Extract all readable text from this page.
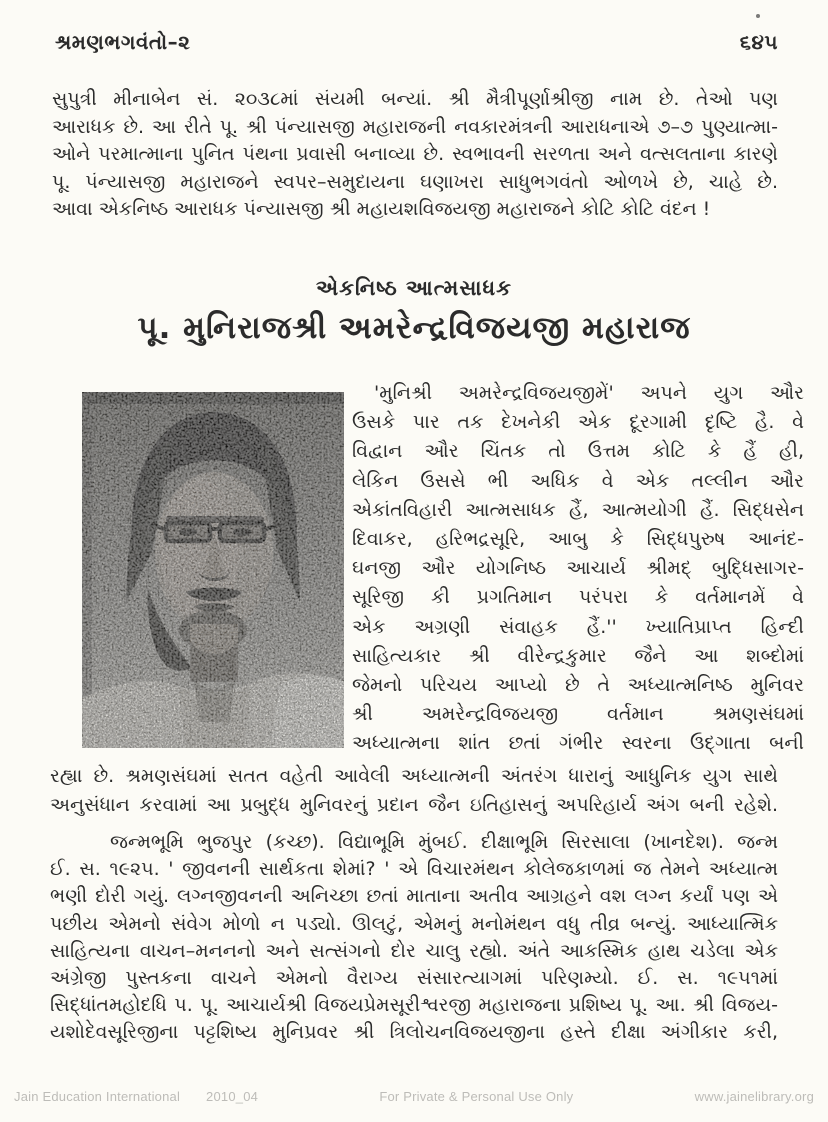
શ્રમણભગવંતો–૨	૬૪૫
સુપુત્રી મીનાબેન સં. ૨૦૩૮માં સંયમી બન્યાં. શ્રી મૈત્રીપૂર્ણાશ્રીજી નામ છે. તેઓ પણ
આરાધક છે. આ રીતે પૂ. શ્રી પંન્યાસજી મહારાજની નવકારમંત્રની આરાધનાએ ૭–૭ પુણ્યાત્મા-
ઓને પરમાત્માના પુનિત પંથના પ્રવાસી બનાવ્યા છે. સ્વભાવની સરળતા અને વત્સલતાના કારણે
પૂ. પંન્યાસજી મહારાજને સ્વપર–સમુદાયના ઘણાખરા સાધુભગવંતો ઓળખે છે, ચાહે છે.
આવા એકનિષ્ઠ આરાધક પંન્યાસજી શ્રી મહાયશવિજયજી મહારાજને કોટિ કોટિ વંદન !
એકનિષ્ઠ આત્મસાધક
પૂ. મુનિરાજશ્રી અમરેન્દ્રવિજયજી મહારાજ
'મુનિશ્રી અમરેન્દ્રવિજયજીમેં' અપને યુગ ઔર
ઉસકે પાર તક દેખનેકી એક દૂરગામી દૃષ્ટિ હૈ. વે
વિદ્વાન ઔર ચિંતક તો ઉત્તમ કોટિ કે હૈં હી,
લેકિન ઉસસે ભી અધિક વે એક તલ્લીન ઔર
એકાંતવિહારી આત્મસાધક હૈં, આત્મયોગી હૈં. સિદ્ધસેન
દિવાકર, હરિભદ્રસૂરિ, આબુ કે સિદ્ધપુરુષ આનંદ-
ઘનજી ઔર યોગનિષ્ઠ આચાર્ય શ્રીમદ્ બુદ્ધિસાગર-
સૂરિજી કી પ્રગતિમાન પરંપરા કે વર્તમાનમેં વે
એક અગ્રણી સંવાહક હૈં.'' ખ્યાતિપ્રાપ્ત હિન્દી
સાહિત્યકાર શ્રી વીરેન્દ્રકુમાર જૈને આ શબ્દોમાં
જેમનો પરિચય આપ્યો છે તે અધ્યાત્મનિષ્ઠ મુનિવર
શ્રી અમરેન્દ્રવિજયજી વર્તમાન શ્રમણસંઘમાં
અધ્યાત્મના શાંત છતાં ગંભીર સ્વરના ઉદ્ગાતા બની
રહ્યા છે. શ્રમણસંઘમાં સતત વહેતી આવેલી અધ્યાત્મની અંતરંગ ધારાનું આધુનિક યુગ સાથે
અનુસંધાન કરવામાં આ પ્રબુદ્ધ મુનિવરનું પ્રદાન જૈન ઇતિહાસનું અપરિહાર્ય અંગ બની રહેશે.
જન્મભૂમિ ભુજપુર (કચ્છ). વિદ્યાભૂમિ મુંબઈ. દીક્ષાભૂમિ સિરસાલા (ખાનદેશ). જન્મ
ઈ. સ. ૧૯૨૫. ' જીવનની સાર્થકતા શેમાં? ' એ વિચારમંથન કોલેજકાળમાં જ તેમને અધ્યાત્મ
ભણી દોરી ગયું. લગ્નજીવનની અનિચ્છા છતાં માતાના અતીવ આગ્રહને વશ લગ્ન કર્યાં પણ એ
પછીય એમનો સંવેગ મોળો ન પડ્યો. ઊલટું, એમનું મનોમંથન વધુ તીવ્ર બન્યું. આધ્યાત્મિક
સાહિત્યના વાચન–મનનનો અને સત્સંગનો દોર ચાલુ રહ્યો. અંતે આકસ્મિક હાથ ચડેલા એક
અંગ્રેજી પુસ્તકના વાચને એમનો વૈરાગ્ય સંસારત્યાગમાં પરિણમ્યો. ઈ. સ. ૧૯૫૧માં
સિદ્ધાંતમહોદધિ પ. પૂ. આચાર્યશ્રી વિજયપ્રેમસૂરીશ્વરજી મહારાજના પ્રશિષ્ય પૂ. આ. શ્રી વિજય-
યશોદેવસૂરિજીના પટ્ટશિષ્ય મુનિપ્રવર શ્રી ત્રિલોચનવિજયજીના હસ્તે દીક્ષા અંગીકાર કરી,
Jain Education International 2010_04	For Private & Personal Use Only	www.jainelibrary.org
